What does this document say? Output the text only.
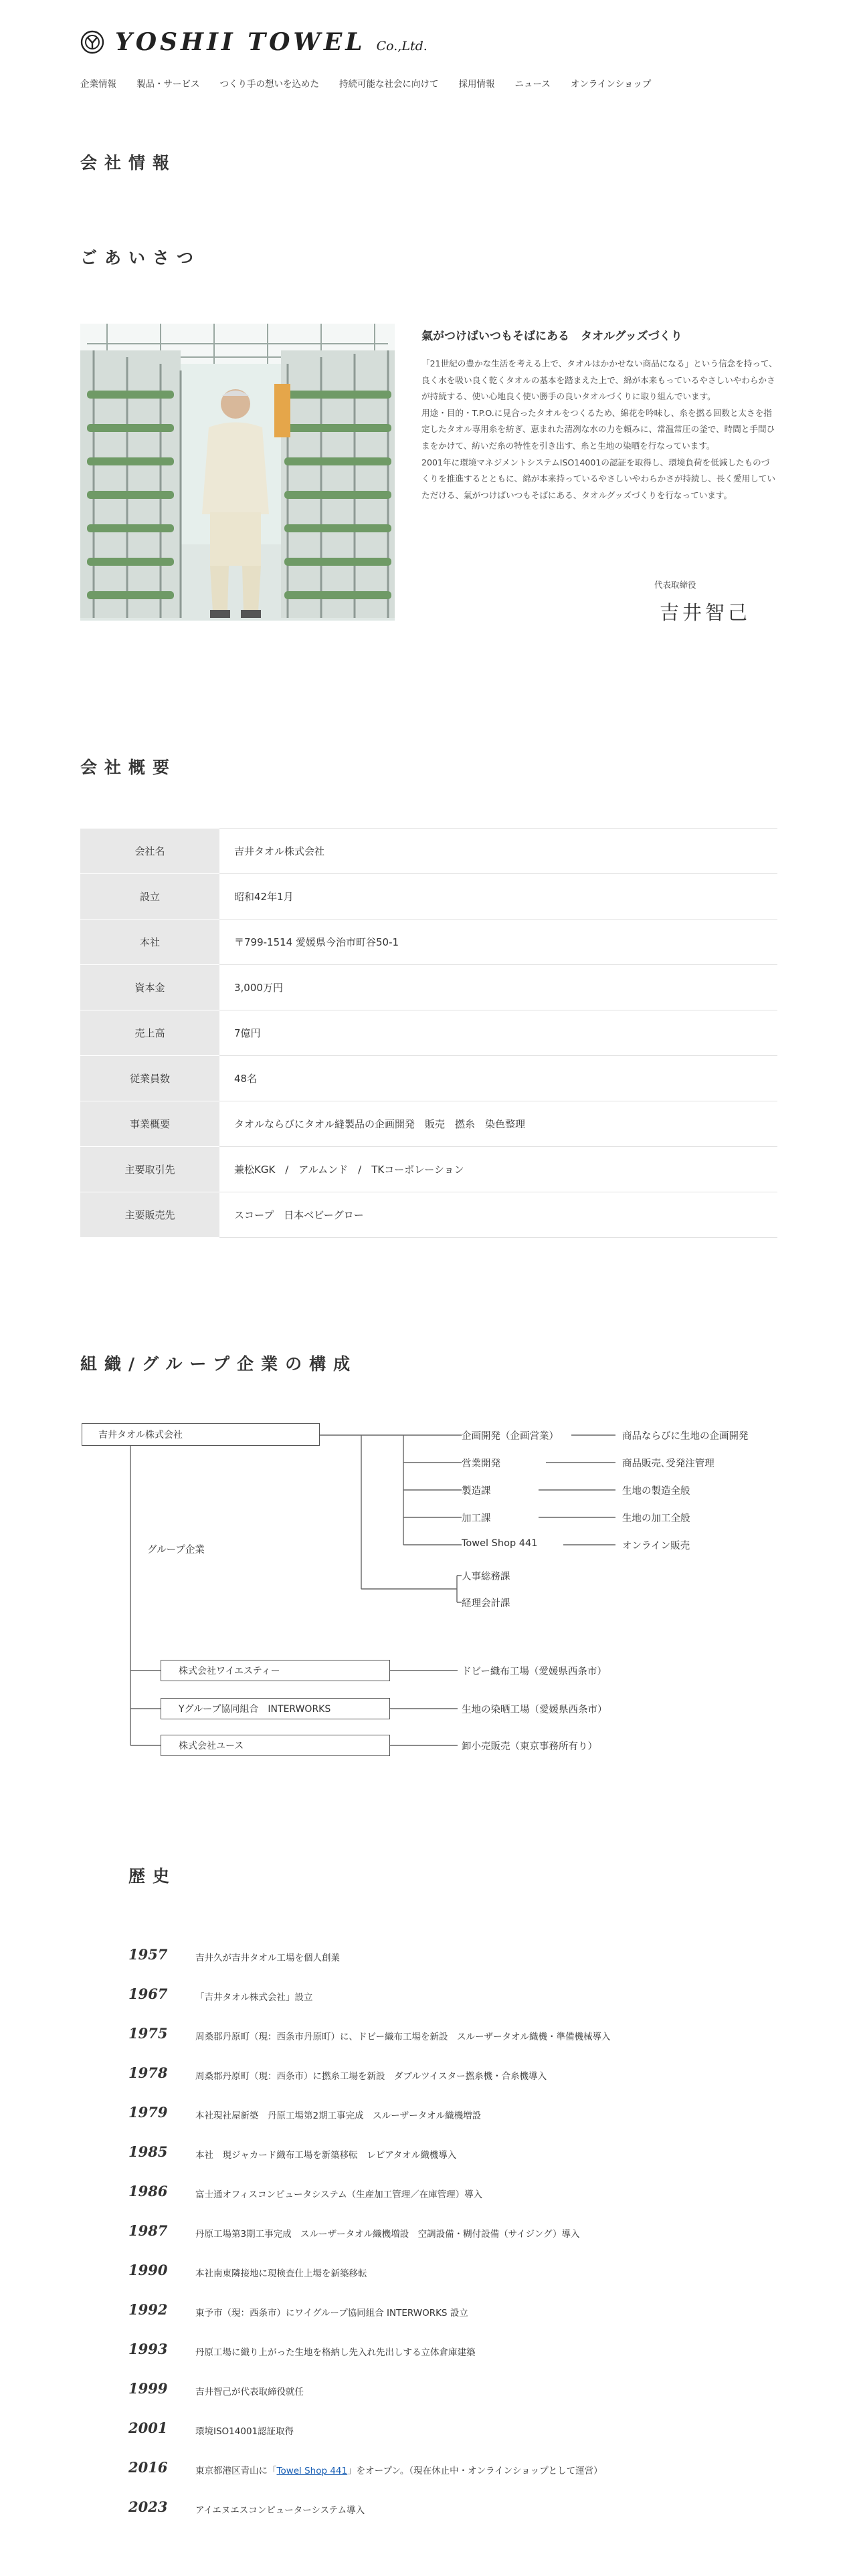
YOSHII TOWEL Co.,Ltd.
企業情報 製品・サービス つくり手の想いを込めた 持続可能な社会に向けて 採用情報 ニュース オンラインショップ
会社情報
ごあいさつ
氣がつけばいつもそばにある　タオルグッズづくり

「21世紀の豊かな生活を考える上で、タオルはかかせない商品になる」という信念を持って、良く水を吸い良く乾くタオルの基本を踏まえた上で、綿が本来もっているやさしいやわらかさが持続する、使い心地良く使い勝手の良いタオルづくりに取り組んでいます。

用途・目的・T.P.O.に見合ったタオルをつくるため、綿花を吟味し、糸を撚る回数と太さを指定したタオル専用糸を紡ぎ、恵まれた清冽な水の力を頼みに、常温常圧の釜で、時間と手間ひまをかけて、紡いだ糸の特性を引き出す、糸と生地の染晒を行なっています。

2001年に環境マネジメントシステムISO14001の認証を取得し、環境負荷を低減したものづくりを推進するとともに、綿が本来持っているやさしいやわらかさが持続し、長く愛用していただける、氣がつけばいつもそばにある、タオルグッズづくりを行なっています。

代表取締役
吉井智己
会社概要
会社名	吉井タオル株式会社
設立	昭和42年1月
本社	〒799-1514 愛媛県今治市町谷50-1
資本金	3,000万円
売上高	7億円
従業員数	48名
事業概要	タオルならびにタオル縫製品の企画開発　販売　撚糸　染色整理
主要取引先	兼松KGK　/　アルムンド　/　TKコーポレーション
主要販売先	スコープ　日本ベビーグロー
組織/グループ企業の構成
吉井タオル株式会社	企画開発（企画営業）	商品ならびに生地の企画開発
営業開発	商品販売､受発注管理
製造課	生地の製造全般
加工課	生地の加工全般
Towel Shop 441	オンライン販売
人事総務課
経理会計課
グループ企業
株式会社ワイエスティー	ドビー織布工場（愛媛県西条市）
Yグループ協同組合　INTERWORKS	生地の染晒工場（愛媛県西条市）
株式会社ユース	卸小売販売（東京事務所有り）
歴史
1957	吉井久が吉井タオル工場を個人創業
1967	「吉井タオル株式会社」設立
1975	周桑郡丹原町（現：西条市丹原町）に、ドビー織布工場を新設　スルーザータオル織機・準備機械導入
1978	周桑郡丹原町（現：西条市）に撚糸工場を新設　ダブルツイスター撚糸機・合糸機導入
1979	本社現社屋新築　丹原工場第2期工事完成　スルーザータオル織機増設
1985	本社　現ジャカード織布工場を新築移転　レピアタオル織機導入
1986	富士通オフィスコンピュータシステム（生産加工管理／在庫管理）導入
1987	丹原工場第3期工事完成　スルーザータオル織機増設　空調設備・糊付設備（サイジング）導入
1990	本社南東隣接地に現検査仕上場を新築移転
1992	東予市（現：西条市）にワイグループ協同組合 INTERWORKS 設立
1993	丹原工場に織り上がった生地を格納し先入れ先出しする立体倉庫建築
1999	吉井智己が代表取締役就任
2001	環境ISO14001認証取得
2016	東京都港区青山に「Towel Shop 441」をオープン。（現在休止中・オンラインショップとして運営）
2023	アイエヌエスコンピューターシステム導入
